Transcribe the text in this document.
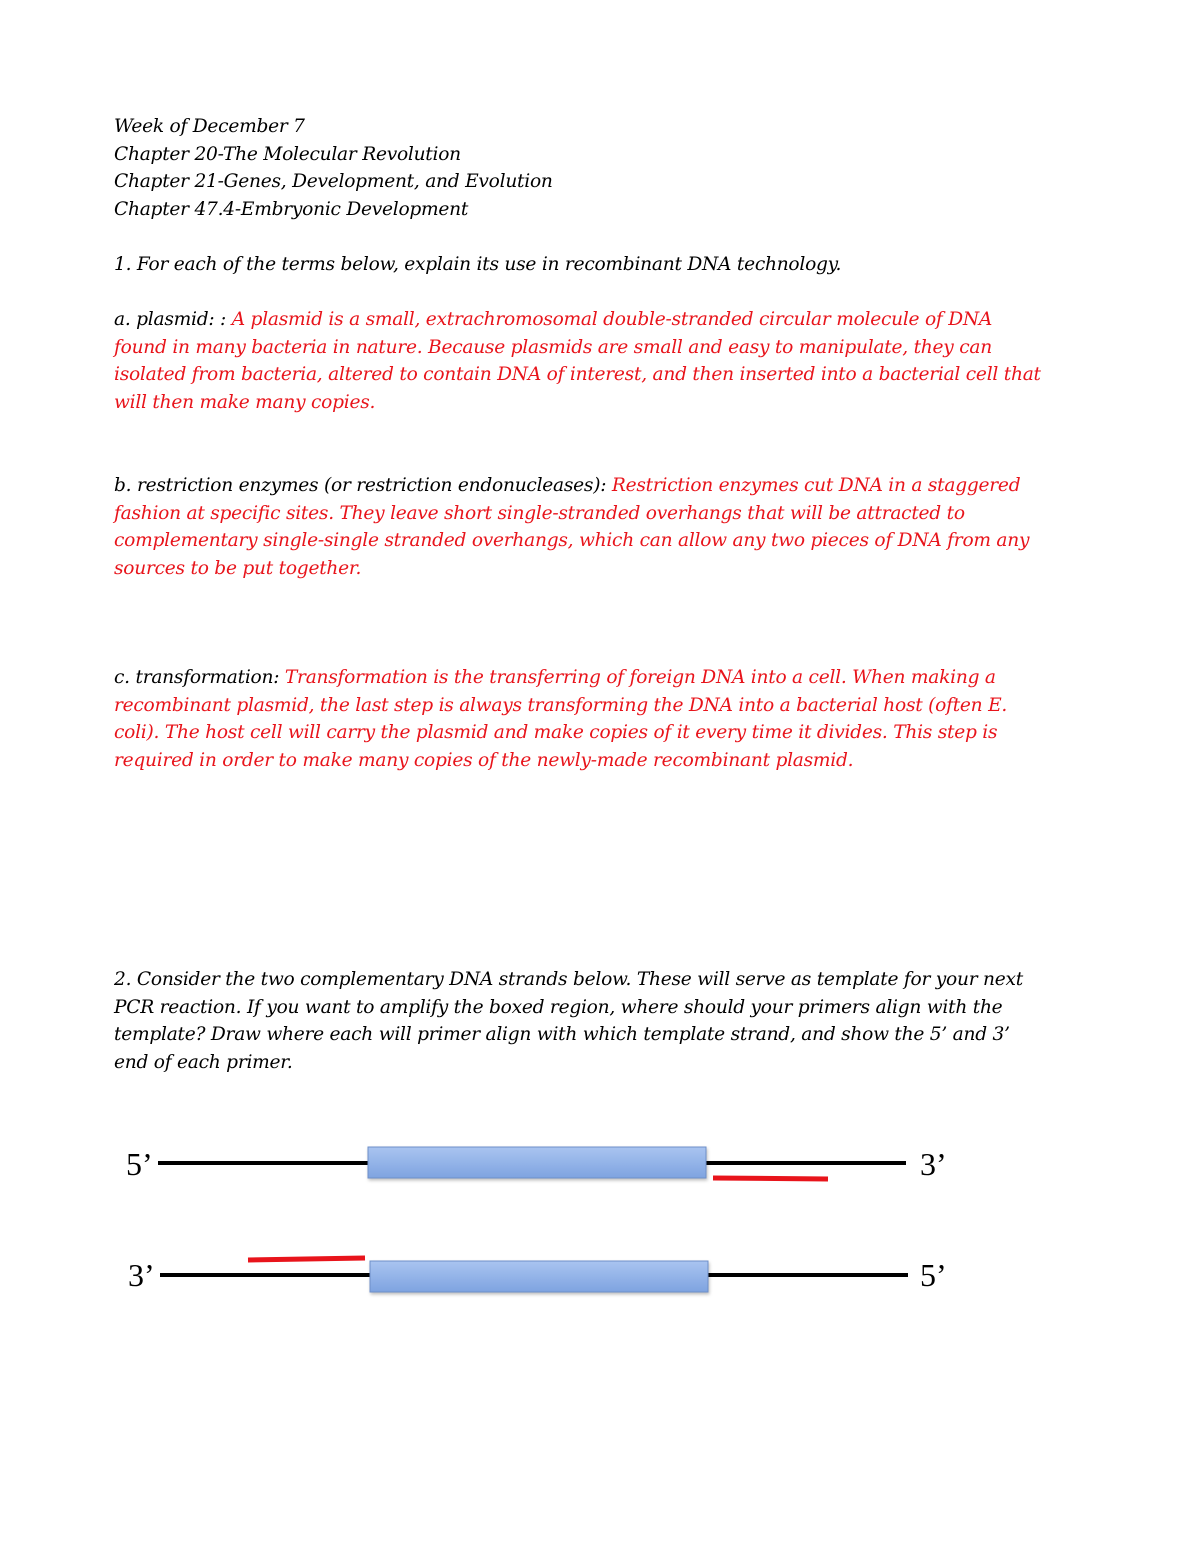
Week of December 7
Chapter 20-The Molecular Revolution
Chapter 21-Genes, Development, and Evolution
Chapter 47.4-Embryonic Development
1. For each of the terms below, explain its use in recombinant DNA technology.
a. plasmid: : A plasmid is a small, extrachromosomal double-stranded circular molecule of DNA
found in many bacteria in nature. Because plasmids are small and easy to manipulate, they can
isolated from bacteria, altered to contain DNA of interest, and then inserted into a bacterial cell that
will then make many copies.
b. restriction enzymes (or restriction endonucleases): Restriction enzymes cut DNA in a staggered
fashion at specific sites. They leave short single-stranded overhangs that will be attracted to
complementary single-single stranded overhangs, which can allow any two pieces of DNA from any
sources to be put together.
c. transformation: Transformation is the transferring of foreign DNA into a cell. When making a
recombinant plasmid, the last step is always transforming the DNA into a bacterial host (often E.
coli). The host cell will carry the plasmid and make copies of it every time it divides. This step is
required in order to make many copies of the newly-made recombinant plasmid.
2. Consider the two complementary DNA strands below. These will serve as template for your next
PCR reaction. If you want to amplify the boxed region, where should your primers align with the
template? Draw where each will primer align with which template strand, and show the 5’ and 3’
end of each primer.
5’	3’
3’	5’
